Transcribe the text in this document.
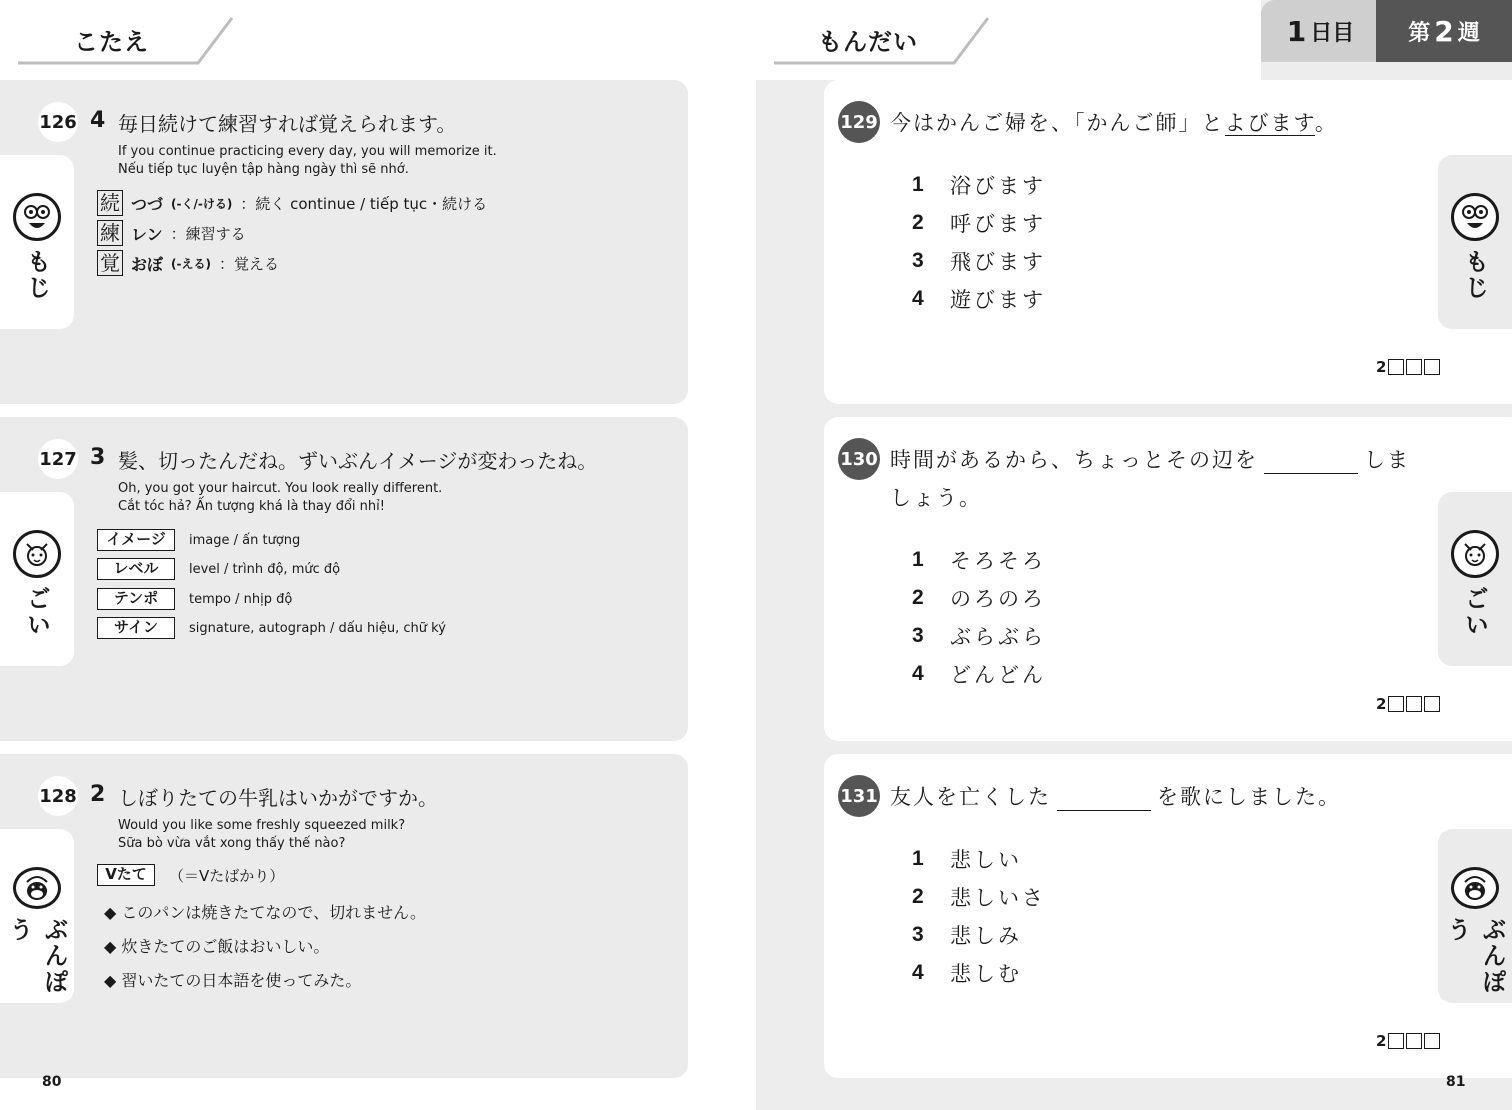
こたえ
もじ
126 4 毎日続けて練習すれば覚えられます。
If you continue practicing every day, you will memorize it.
Nếu tiếp tục luyện tập hàng ngày thì sẽ nhớ.
続 つづ (-く/-ける) ：続く continue / tiếp tục・続ける
練 レン ：練習する
覚 おぼ (-える) ：覚える
ごい
127 3 髪、切ったんだね。ずいぶんイメージが変わったね。
Oh, you got your haircut. You look really different.
Cắt tóc hả? Ấn tượng khá là thay đổi nhỉ!
イメージ	image / ấn tượng
レベル	level / trình độ, mức độ
テンポ	tempo / nhịp độ
サイン	signature, autograph / dấu hiệu, chữ ký
ぶんぽう
128 2 しぼりたての牛乳はいかがですか。
Would you like some freshly squeezed milk?
Sữa bò vừa vắt xong thấy thế nào?
Vたて	（＝Vたばかり）
◆ このパンは焼きたてなので、切れません。
◆ 炊きたてのご飯はおいしい。
◆ 習いたての日本語を使ってみた。
80
もんだい	1 日目 第 2 週
129 今はかんご婦を、「かんご師」とよびます。
1	浴びます
2	呼びます
3	飛びます
4	遊びます
2
もじ
130 時間があるから、ちょっとその辺を	しま
しょう。
1	そろそろ
2	のろのろ
3	ぶらぶら
4	どんどん
2
ごい
131 友人を亡くした	を歌にしました。
1	悲しい
2	悲しいさ
3	悲しみ
4	悲しむ
2
ぶんぽう
81
